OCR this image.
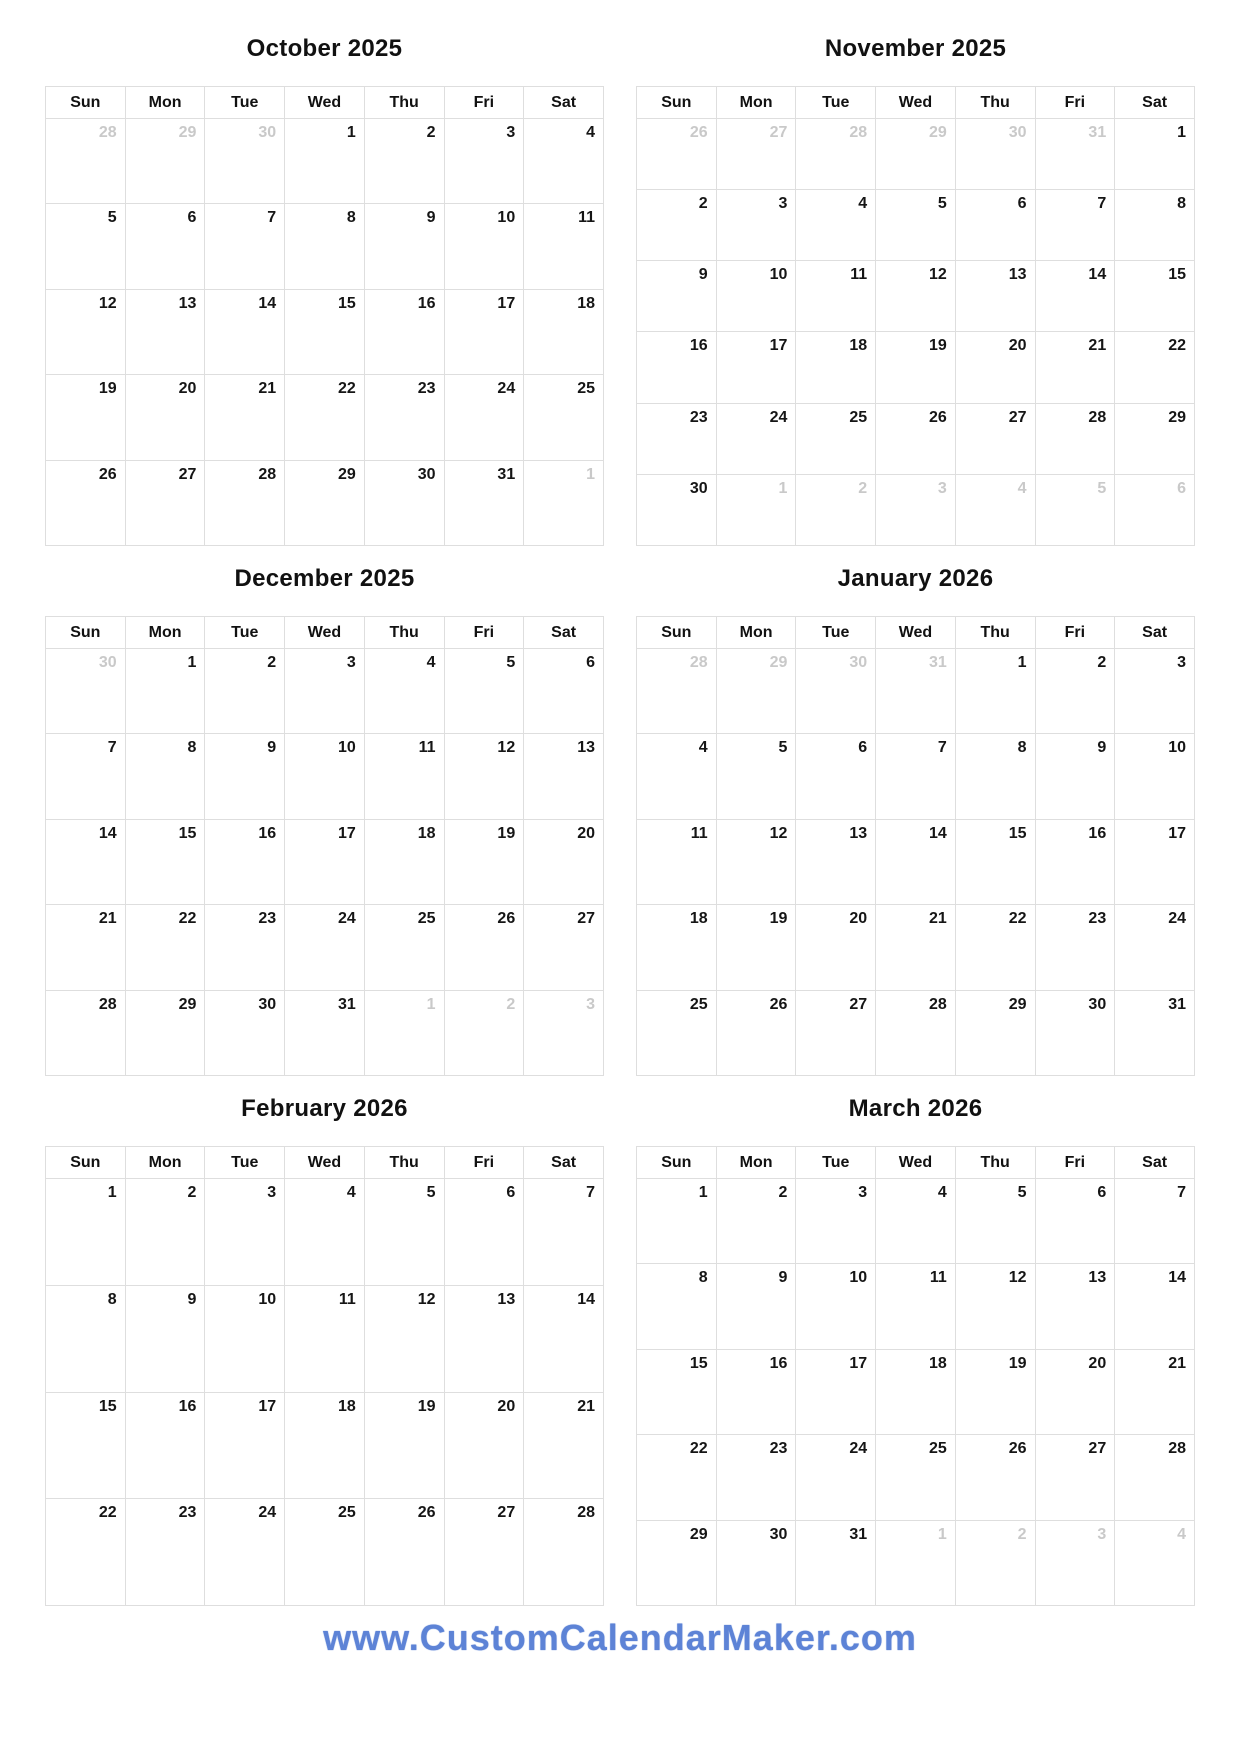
October 2025
Sun	Mon	Tue	Wed	Thu	Fri	Sat
28	29	30	1	2	3	4
5	6	7	8	9	10	11
12	13	14	15	16	17	18
19	20	21	22	23	24	25
26	27	28	29	30	31	1
November 2025
Sun	Mon	Tue	Wed	Thu	Fri	Sat
26	27	28	29	30	31	1
2	3	4	5	6	7	8
9	10	11	12	13	14	15
16	17	18	19	20	21	22
23	24	25	26	27	28	29
30	1	2	3	4	5	6
December 2025
Sun	Mon	Tue	Wed	Thu	Fri	Sat
30	1	2	3	4	5	6
7	8	9	10	11	12	13
14	15	16	17	18	19	20
21	22	23	24	25	26	27
28	29	30	31	1	2	3
January 2026
Sun	Mon	Tue	Wed	Thu	Fri	Sat
28	29	30	31	1	2	3
4	5	6	7	8	9	10
11	12	13	14	15	16	17
18	19	20	21	22	23	24
25	26	27	28	29	30	31
February 2026
Sun	Mon	Tue	Wed	Thu	Fri	Sat
1	2	3	4	5	6	7
8	9	10	11	12	13	14
15	16	17	18	19	20	21
22	23	24	25	26	27	28
March 2026
Sun	Mon	Tue	Wed	Thu	Fri	Sat
1	2	3	4	5	6	7
8	9	10	11	12	13	14
15	16	17	18	19	20	21
22	23	24	25	26	27	28
29	30	31	1	2	3	4
www.CustomCalendarMaker.com
